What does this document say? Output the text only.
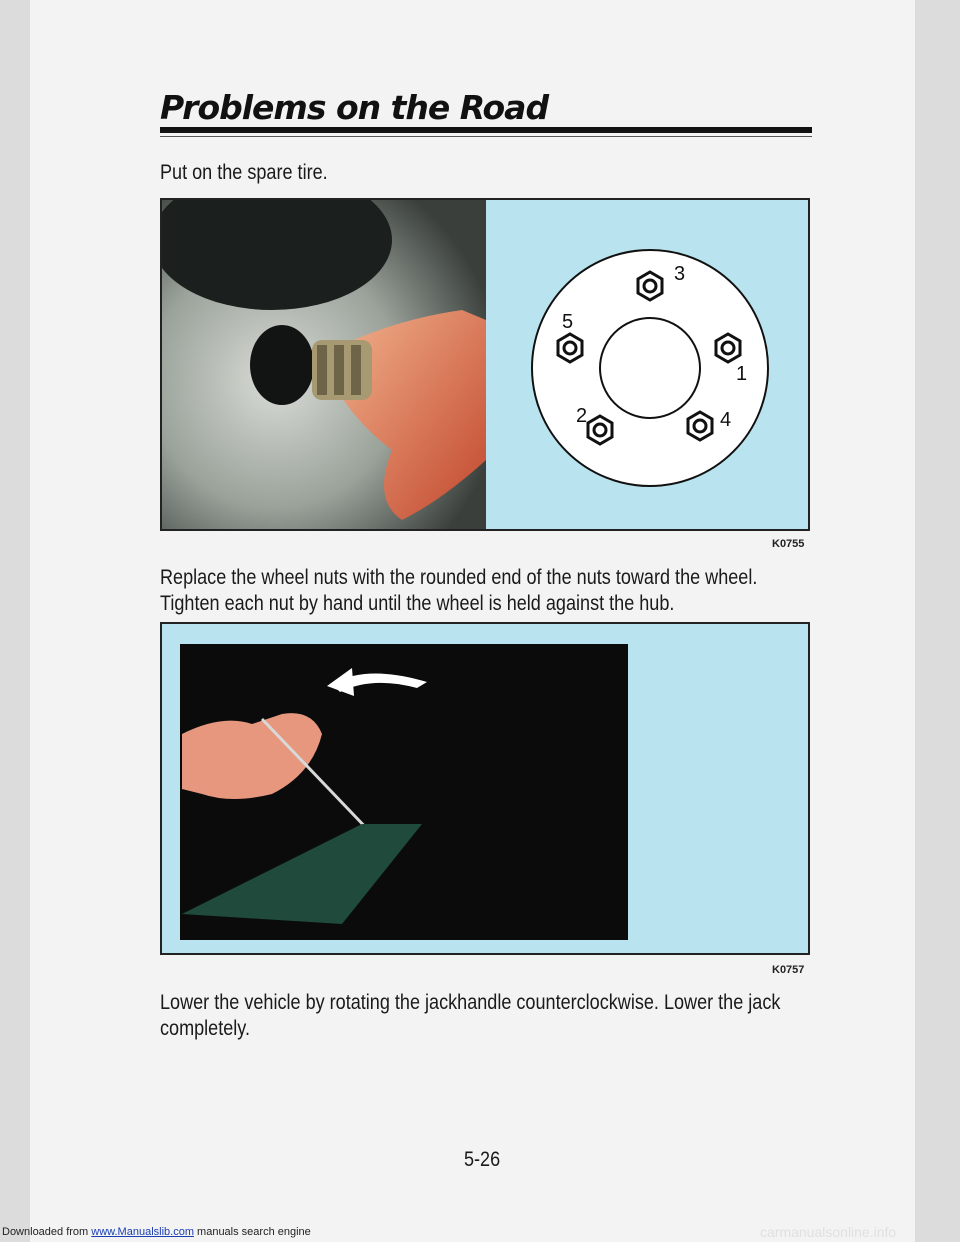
Problems on the Road

Put on the spare tire.

3
5
1
2	4
K0755

Replace the wheel nuts with the rounded end of the nuts toward the wheel. Tighten each nut by hand until the wheel is held against the hub.

K0757

Lower the vehicle by rotating the jackhandle counterclockwise. Lower the jack completely.

5-26
Downloaded from www.Manualslib.com manuals search engine	carmanualsonline.info
